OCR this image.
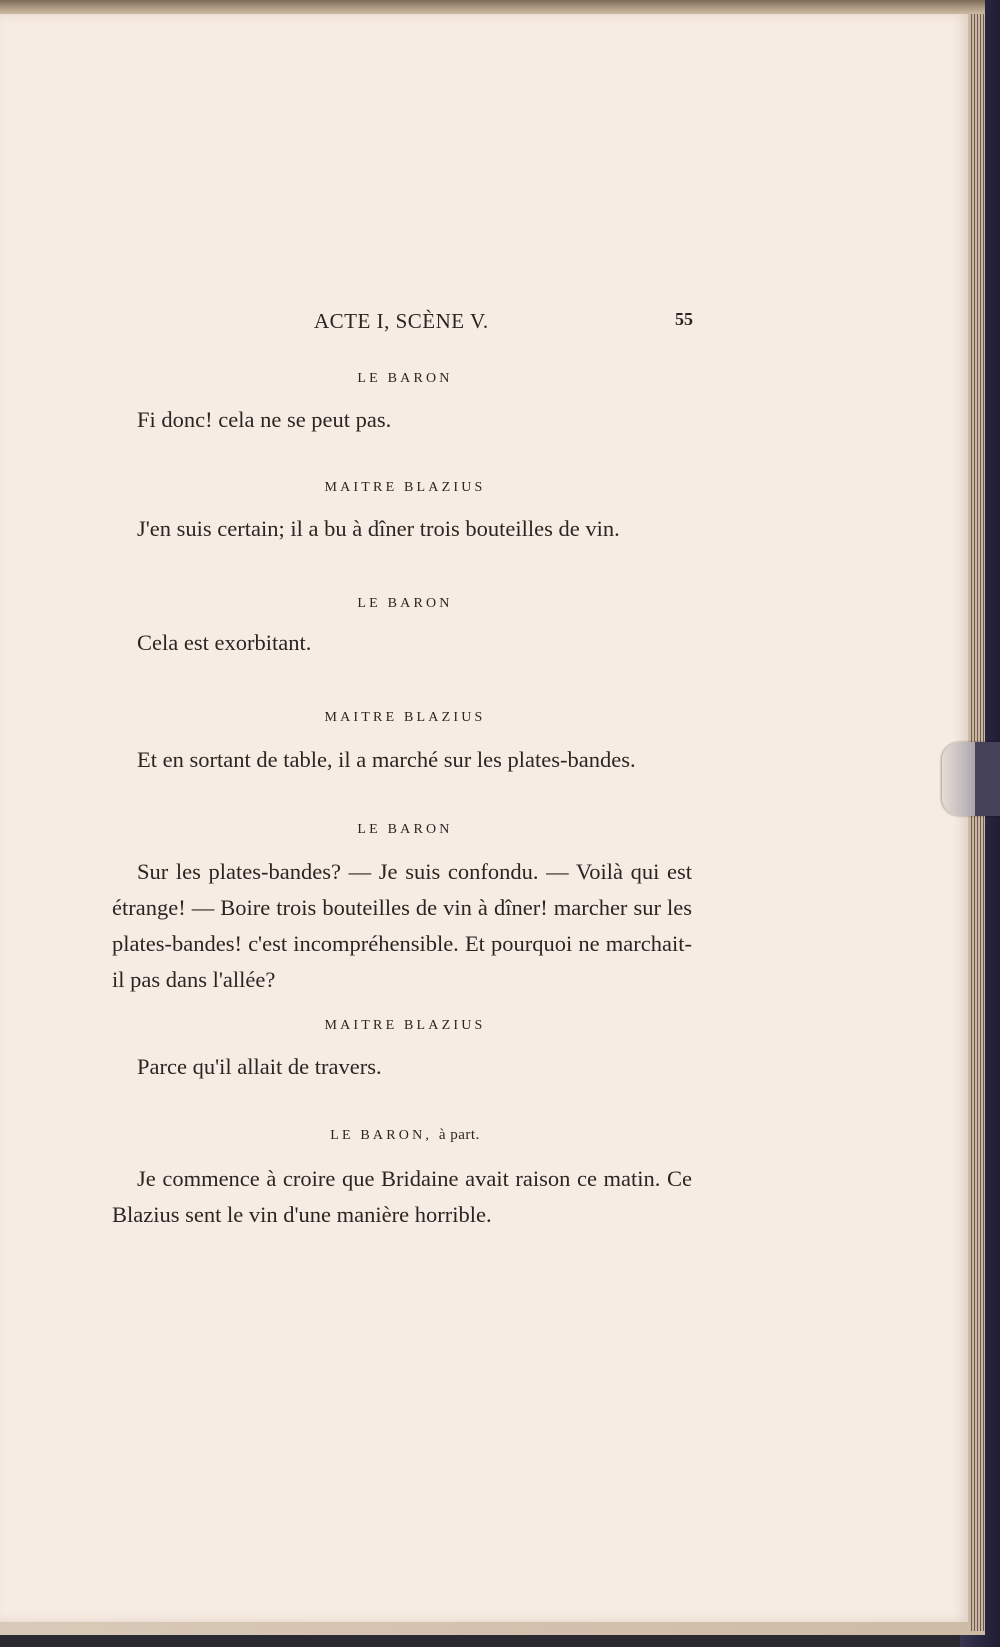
ACTE I, SCÈNE V.	55
LE BARON

Fi donc! cela ne se peut pas.

MAITRE BLAZIUS

J'en suis certain; il a bu à dîner trois bouteilles de vin.

LE BARON

Cela est exorbitant.

MAITRE BLAZIUS

Et en sortant de table, il a marché sur les plates-bandes.

LE BARON

Sur les plates-bandes? — Je suis confondu. — Voilà qui est étrange! — Boire trois bouteilles de vin à dîner! marcher sur les plates-bandes! c'est incompréhensible. Et pourquoi ne marchait-il pas dans l'allée?

MAITRE BLAZIUS

Parce qu'il allait de travers.

LE BARON, à part.

Je commence à croire que Bridaine avait raison ce matin. Ce Blazius sent le vin d'une manière horrible.
